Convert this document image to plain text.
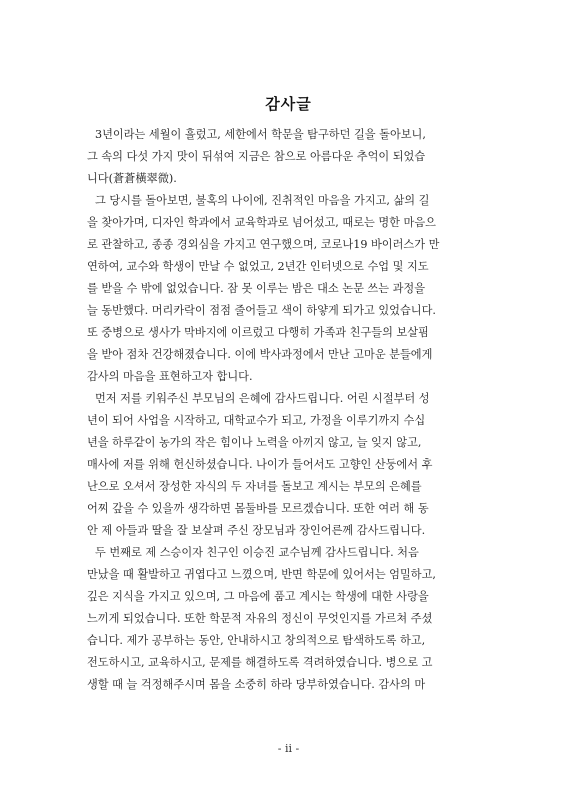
감사글
3년이라는 세월이 흘렀고, 세한에서 학문을 탐구하던 길을 돌아보니,
그 속의 다섯 가지 맛이 뒤섞여 지금은 참으로 아름다운 추억이 되었습
니다(蒼蒼橫翠微).
그 당시를 돌아보면, 불혹의 나이에, 진취적인 마음을 가지고, 삶의 길
을 찾아가며, 디자인 학과에서 교육학과로 넘어섰고, 때로는 명한 마음으
로 관찰하고, 종종 경외심을 가지고 연구했으며, 코로나19 바이러스가 만
연하여, 교수와 학생이 만날 수 없었고, 2년간 인터넷으로 수업 및 지도
를 받을 수 밖에 없었습니다. 잠 못 이루는 밤은 대소 논문 쓰는 과정을
늘 동반했다. 머리카락이 점점 줄어들고 색이 하얗게 되가고 있었습니다.
또 중병으로 생사가 막바지에 이르렀고 다행히 가족과 친구들의 보살핌
을 받아 점차 건강해졌습니다. 이에 박사과정에서 만난 고마운 분들에게
감사의 마음을 표현하고자 합니다.
먼저 저를 키워주신 부모님의 은혜에 감사드립니다. 어린 시절부터 성
년이 되어 사업을 시작하고, 대학교수가 되고, 가정을 이루기까지 수십
년을 하루같이 농가의 작은 힘이나 노력을 아끼지 않고, 늘 잊지 않고,
매사에 저를 위해 헌신하셨습니다. 나이가 들어서도 고향인 산둥에서 후
난으로 오셔서 장성한 자식의 두 자녀를 돌보고 계시는 부모의 은혜를
어찌 갚을 수 있을까 생각하면 몸둘바를 모르겠습니다. 또한 여러 해 동
안 제 아들과 딸을 잘 보살펴 주신 장모님과 장인어른께 감사드립니다.
두 번째로 제 스승이자 친구인 이승진 교수님께 감사드립니다. 처음
만났을 때 활발하고 귀엽다고 느꼈으며, 반면 학문에 있어서는 엄밀하고,
깊은 지식을 가지고 있으며, 그 마음에 품고 계시는 학생에 대한 사랑을
느끼게 되었습니다. 또한 학문적 자유의 정신이 무엇인지를 가르쳐 주셨
습니다. 제가 공부하는 동안, 안내하시고 창의적으로 탐색하도록 하고,
전도하시고, 교육하시고, 문제를 해결하도록 격려하였습니다. 병으로 고
생할 때 늘 걱정해주시며 몸을 소중히 하라 당부하였습니다. 감사의 마
- ii -
